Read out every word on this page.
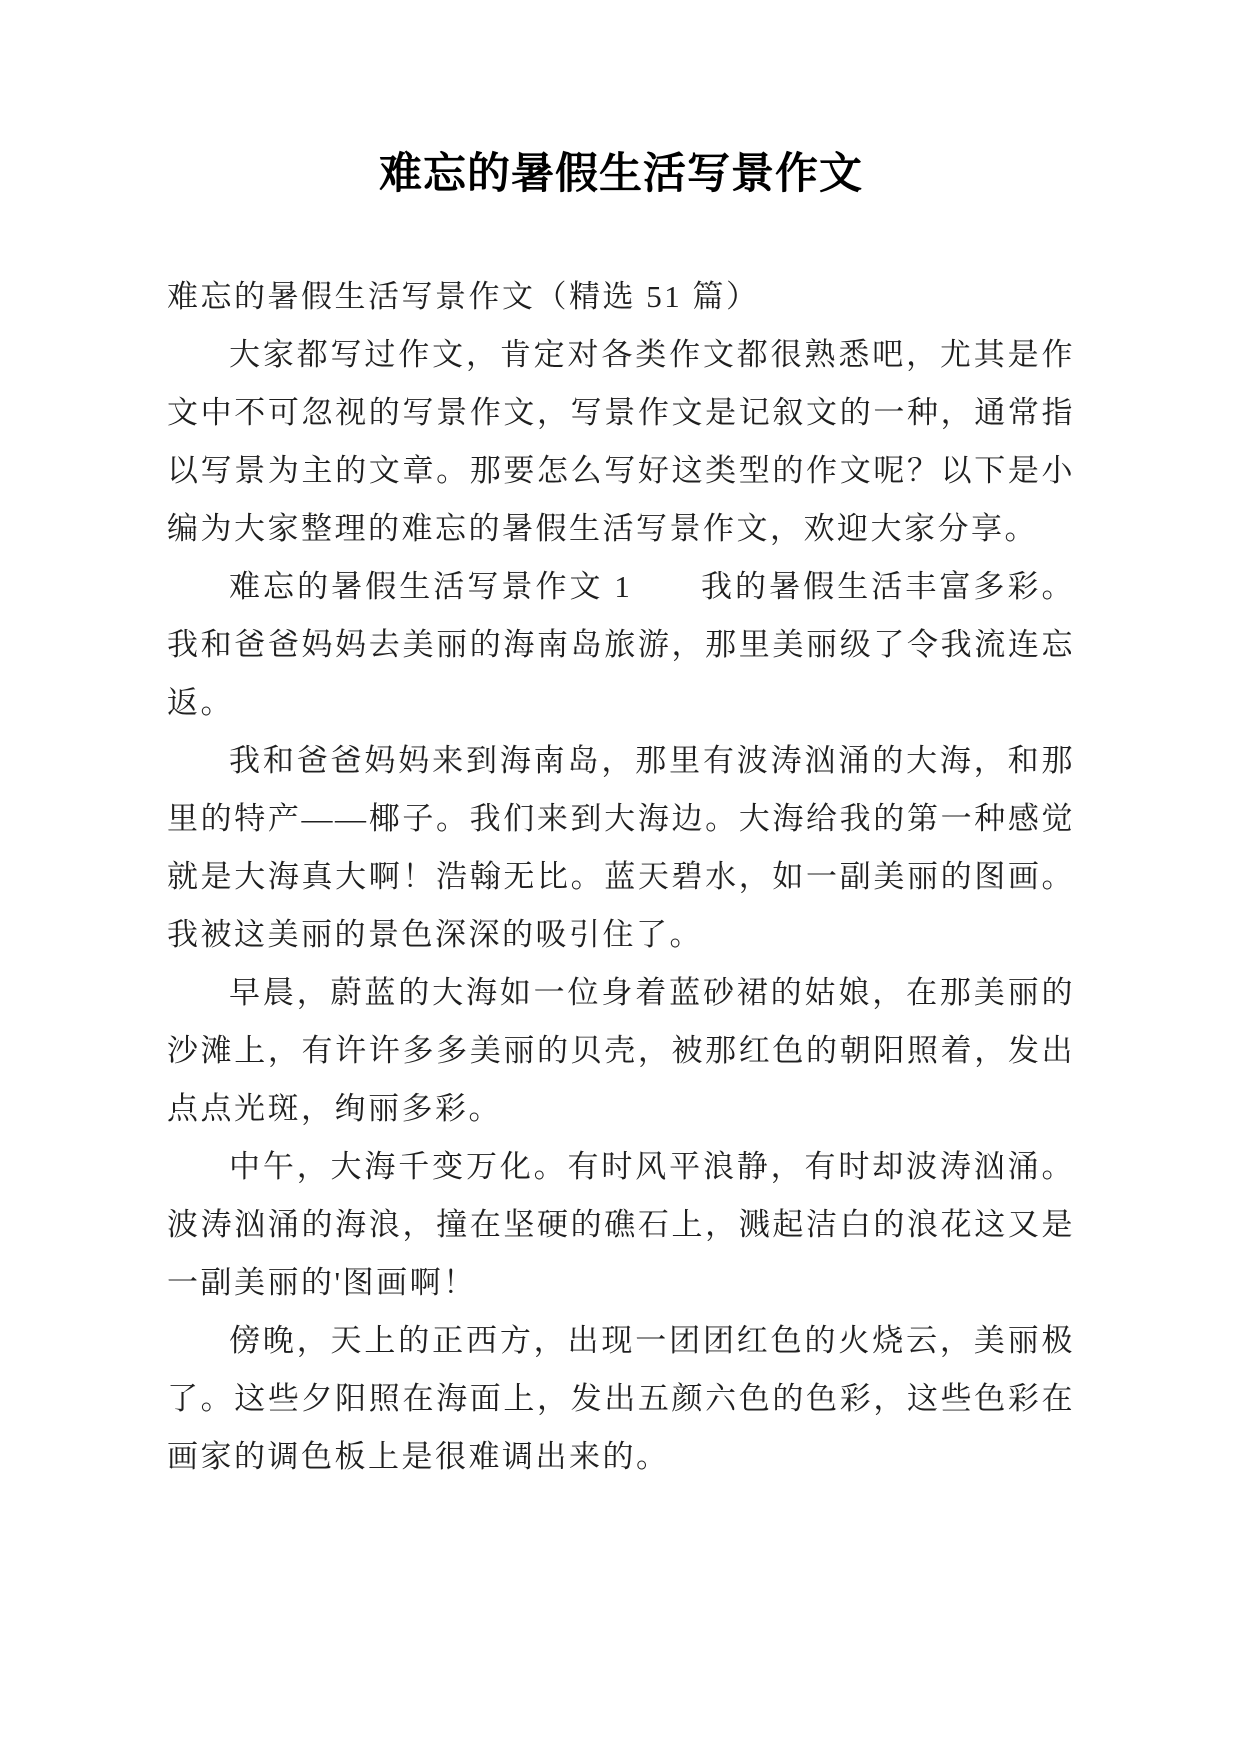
难忘的暑假生活写景作文

难忘的暑假生活写景作文（精选 51 篇）

大家都写过作文，肯定对各类作文都很熟悉吧，尤其是作文中不可忽视的写景作文，写景作文是记叙文的一种，通常指以写景为主的文章。那要怎么写好这类型的作文呢？以下是小编为大家整理的难忘的暑假生活写景作文，欢迎大家分享。

难忘的暑假生活写景作文 1　　我的暑假生活丰富多彩。我和爸爸妈妈去美丽的海南岛旅游，那里美丽级了令我流连忘返。

我和爸爸妈妈来到海南岛，那里有波涛汹涌的大海，和那里的特产——椰子。我们来到大海边。大海给我的第一种感觉就是大海真大啊！浩翰无比。蓝天碧水，如一副美丽的图画。我被这美丽的景色深深的吸引住了。

早晨，蔚蓝的大海如一位身着蓝砂裙的姑娘，在那美丽的沙滩上，有许许多多美丽的贝壳，被那红色的朝阳照着，发出点点光斑，绚丽多彩。

中午，大海千变万化。有时风平浪静，有时却波涛汹涌。波涛汹涌的海浪，撞在坚硬的礁石上，溅起洁白的浪花这又是一副美丽的'图画啊！

傍晚，天上的正西方，出现一团团红色的火烧云，美丽极了。这些夕阳照在海面上，发出五颜六色的色彩，这些色彩在画家的调色板上是很难调出来的。
